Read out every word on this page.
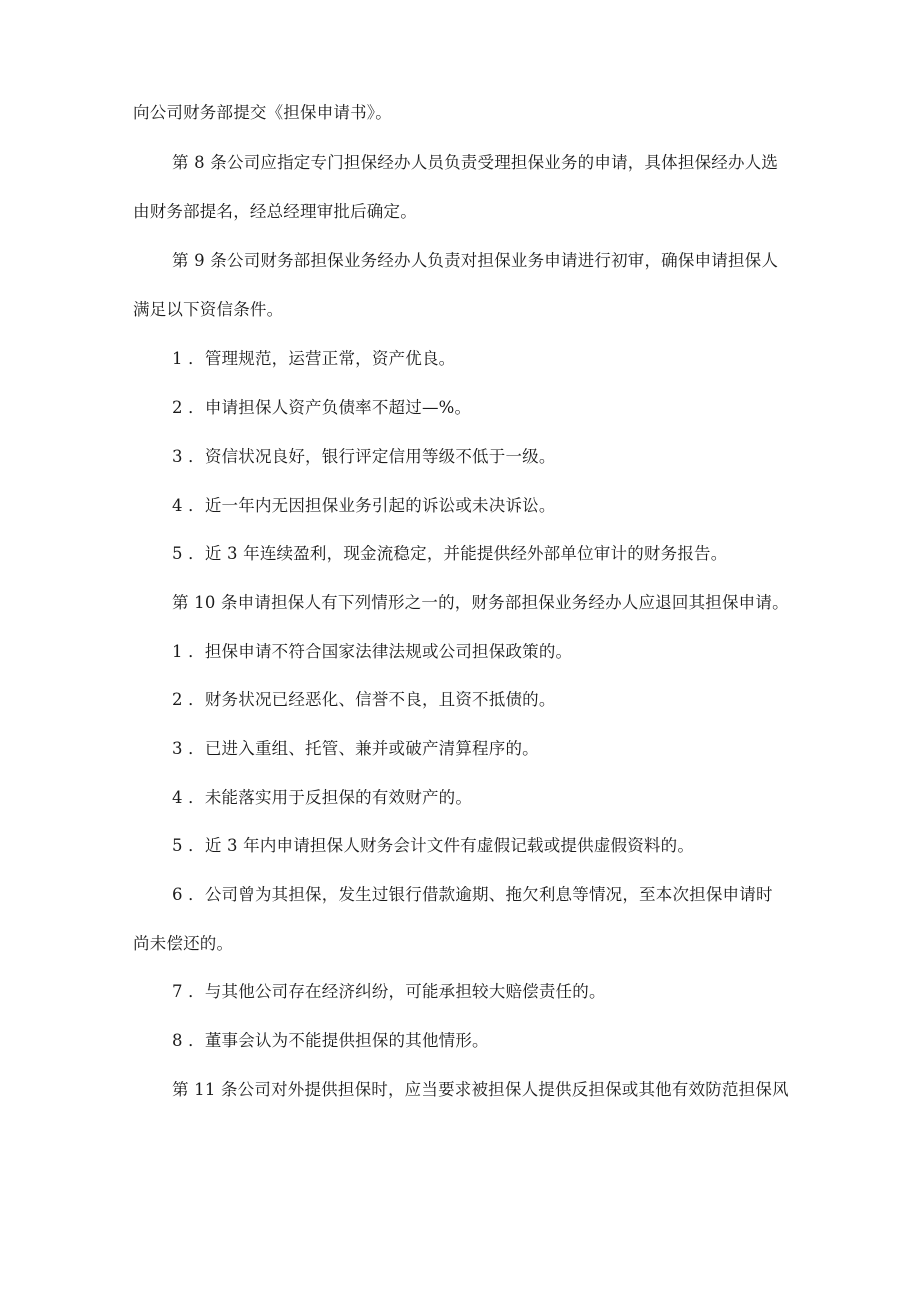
向公司财务部提交《担保申请书》。
第 8 条公司应指定专门担保经办人员负责受理担保业务的申请，具体担保经办人选
由财务部提名，经总经理审批后确定。
第 9 条公司财务部担保业务经办人负责对担保业务申请进行初审，确保申请担保人
满足以下资信条件。
1 ．管理规范，运营正常，资产优良。
2 ．申请担保人资产负债率不超过—%。
3 ．资信状况良好，银行评定信用等级不低于一级。
4 ．近一年内无因担保业务引起的诉讼或未决诉讼。
5 ．近 3 年连续盈利，现金流稳定，并能提供经外部单位审计的财务报告。
第 10 条申请担保人有下列情形之一的，财务部担保业务经办人应退回其担保申请。
1 ．担保申请不符合国家法律法规或公司担保政策的。
2 ．财务状况已经恶化、信誉不良，且资不抵债的。
3 ．已进入重组、托管、兼并或破产清算程序的。
4 ．未能落实用于反担保的有效财产的。
5 ．近 3 年内申请担保人财务会计文件有虚假记载或提供虚假资料的。
6 ．公司曾为其担保，发生过银行借款逾期、拖欠利息等情况，至本次担保申请时
尚未偿还的。
7 ．与其他公司存在经济纠纷，可能承担较大赔偿责任的。
8 ．董事会认为不能提供担保的其他情形。
第 11 条公司对外提供担保时，应当要求被担保人提供反担保或其他有效防范担保风
